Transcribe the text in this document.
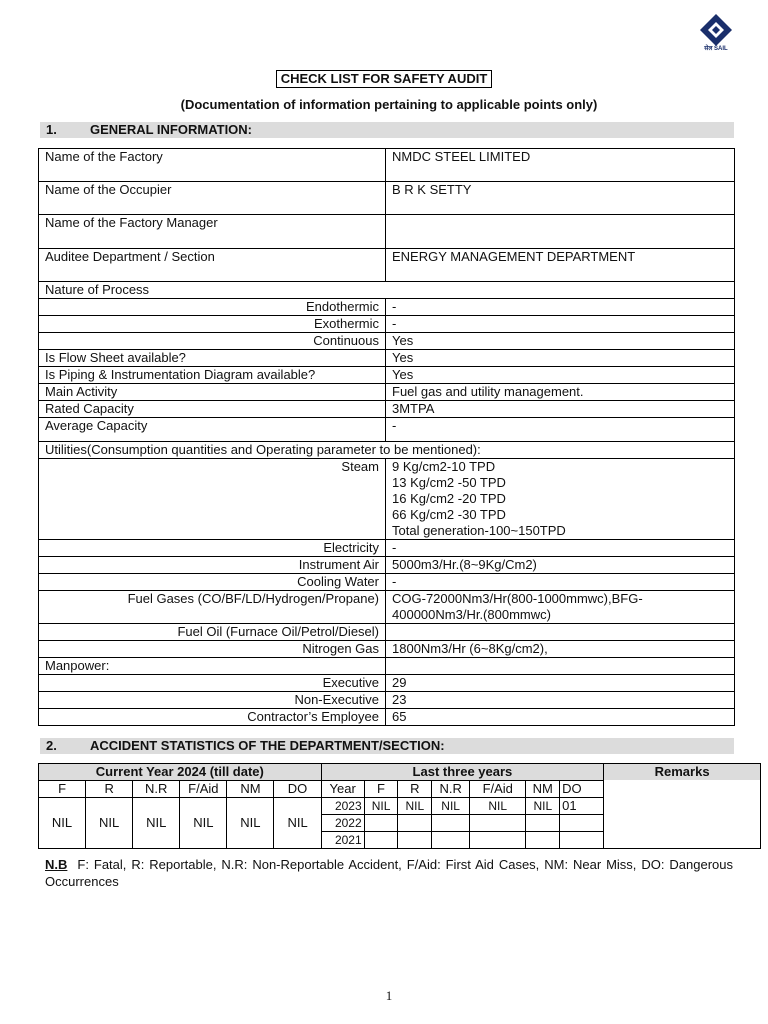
सेल SAIL
CHECK LIST FOR SAFETY AUDIT
(Documentation of information pertaining to applicable points only)
1.	GENERAL INFORMATION:
Name of the Factory	NMDC STEEL LIMITED
Name of the Occupier	B R K SETTY
Name of the Factory Manager	
Auditee Department / Section	ENERGY MANAGEMENT DEPARTMENT
Nature of Process	
Endothermic	-
Exothermic	-
Continuous	Yes
Is Flow Sheet available?	Yes
Is Piping & Instrumentation Diagram available?	Yes
Main Activity	Fuel gas and utility management.
Rated Capacity	3MTPA
Average Capacity	-
Utilities(Consumption quantities and Operating parameter to be mentioned):	
Steam	9 Kg/cm2-10 TPD
13 Kg/cm2 -50 TPD
16 Kg/cm2 -20 TPD
66 Kg/cm2 -30 TPD
Total generation-100~150TPD
Electricity	-
Instrument Air	5000m3/Hr.(8~9Kg/Cm2)
Cooling Water	-
Fuel Gases (CO/BF/LD/Hydrogen/Propane)	COG-72000Nm3/Hr(800-1000mmwc),BFG-
400000Nm3/Hr.(800mmwc)
Fuel Oil (Furnace Oil/Petrol/Diesel)	
Nitrogen Gas	1800Nm3/Hr (6~8Kg/cm2),
Manpower:	
Executive	29
Non-Executive	23
Contractor’s Employee	65
2.	ACCIDENT STATISTICS OF THE DEPARTMENT/SECTION:
Current Year 2024 (till date)						Last three years							Remarks

F	R	N.R	F/Aid	NM	DO	Year	F	R	N.R	F/Aid	NM	DO	
NIL	NIL	NIL	NIL	NIL	NIL	2023	NIL	NIL	NIL	NIL	NIL	01	
						2022							
						2021							
N.B F: Fatal, R: Reportable, N.R: Non-Reportable Accident, F/Aid: First Aid Cases, NM: Near Miss, DO: Dangerous Occurrences
1
